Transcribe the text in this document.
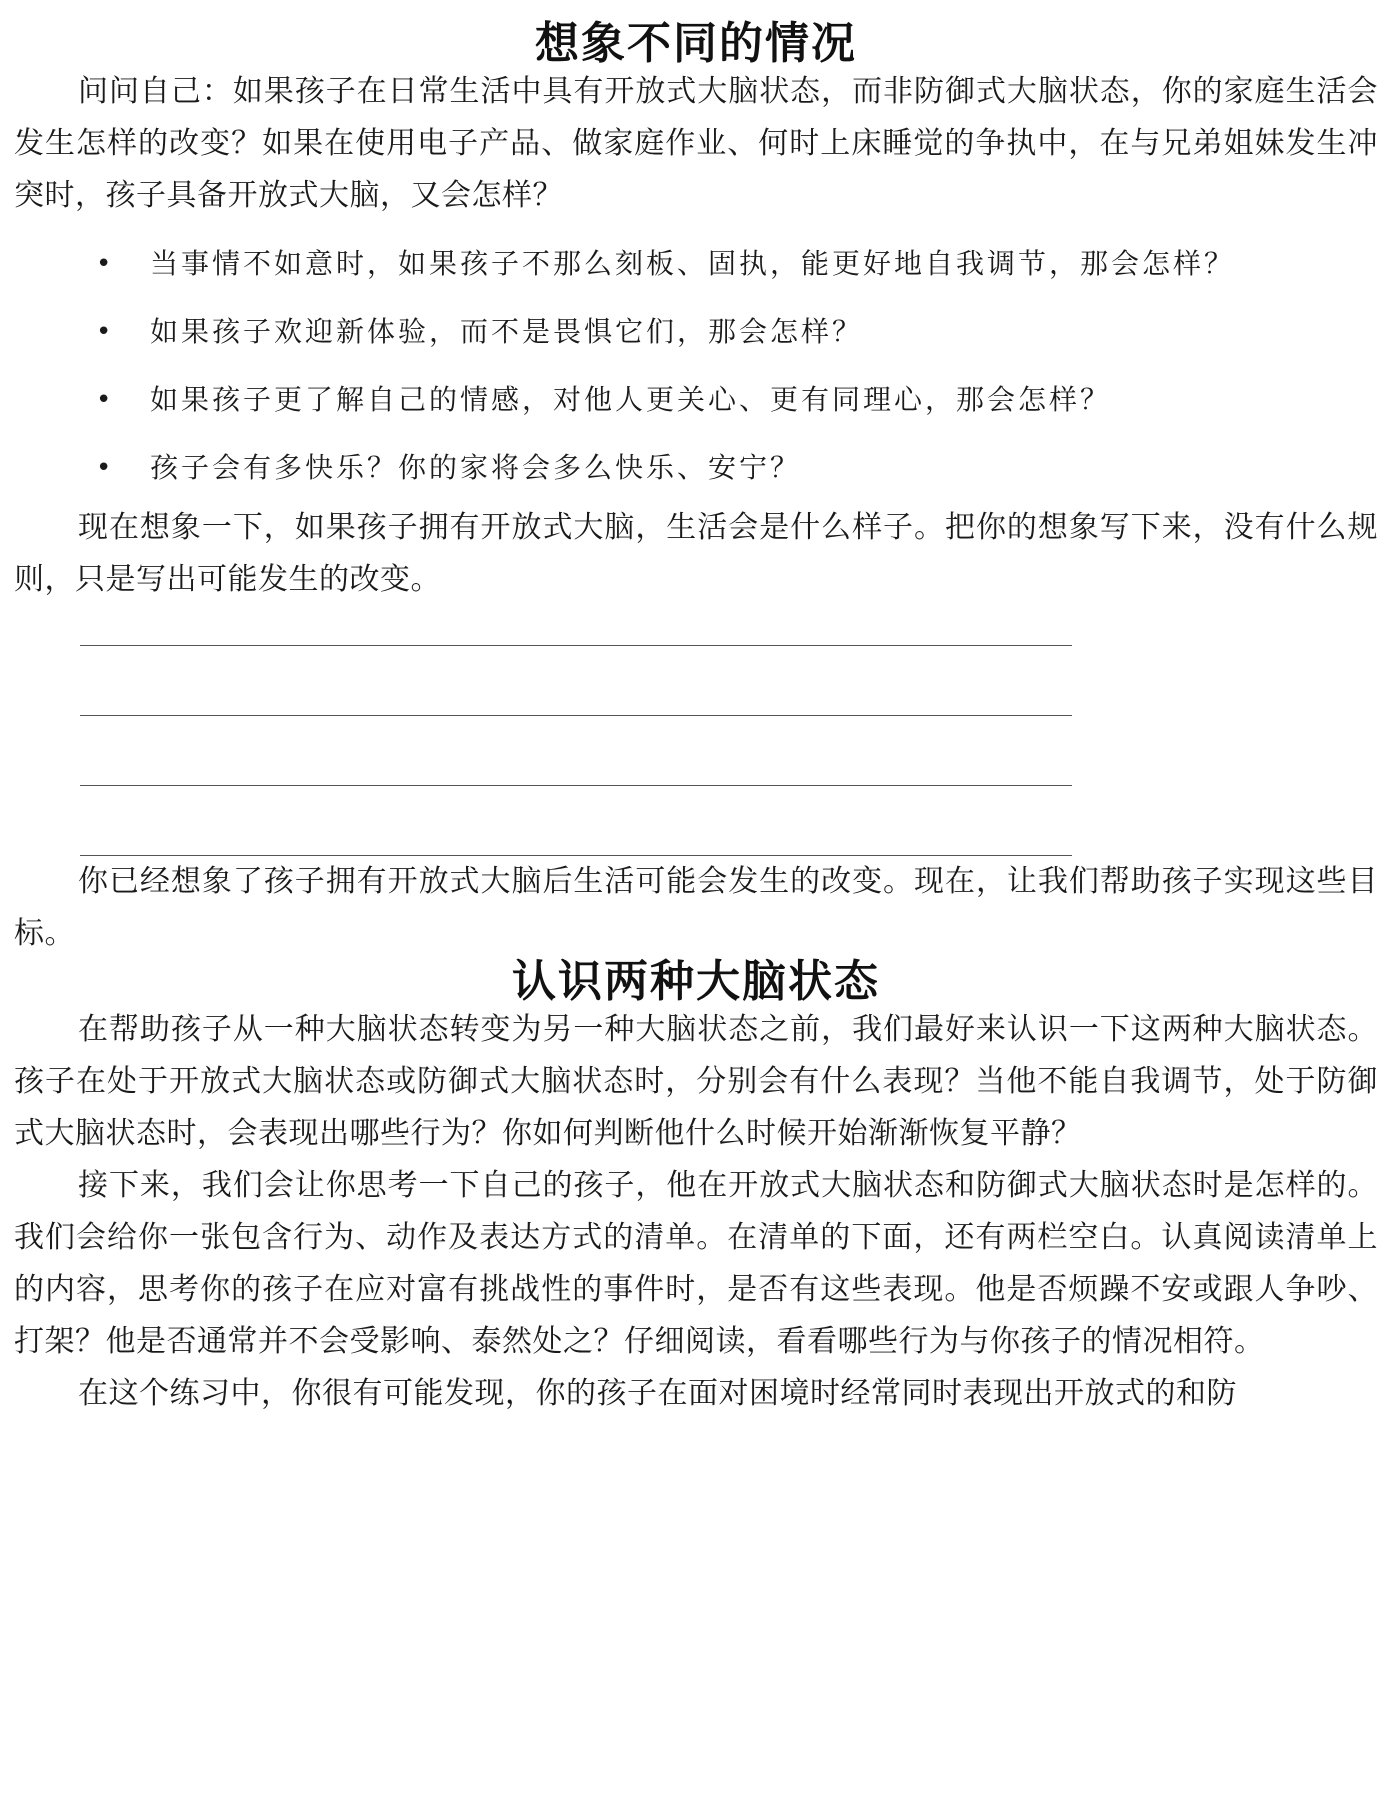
想象不同的情况

问问自己：如果孩子在日常生活中具有开放式大脑状态，而非防御式大脑状态，你的家庭生活会发生怎样的改变？如果在使用电子产品、做家庭作业、何时上床睡觉的争执中，在与兄弟姐妹发生冲突时，孩子具备开放式大脑，又会怎样？

• 当事情不如意时，如果孩子不那么刻板、固执，能更好地自我调节，那会怎样？
• 如果孩子欢迎新体验，而不是畏惧它们，那会怎样？
• 如果孩子更了解自己的情感，对他人更关心、更有同理心，那会怎样？
• 孩子会有多快乐？你的家将会多么快乐、安宁？

现在想象一下，如果孩子拥有开放式大脑，生活会是什么样子。把你的想象写下来，没有什么规则，只是写出可能发生的改变。

你已经想象了孩子拥有开放式大脑后生活可能会发生的改变。现在，让我们帮助孩子实现这些目标。

认识两种大脑状态

在帮助孩子从一种大脑状态转变为另一种大脑状态之前，我们最好来认识一下这两种大脑状态。孩子在处于开放式大脑状态或防御式大脑状态时，分别会有什么表现？当他不能自我调节，处于防御式大脑状态时，会表现出哪些行为？你如何判断他什么时候开始渐渐恢复平静？

接下来，我们会让你思考一下自己的孩子，他在开放式大脑状态和防御式大脑状态时是怎样的。我们会给你一张包含行为、动作及表达方式的清单。在清单的下面，还有两栏空白。认真阅读清单上的内容，思考你的孩子在应对富有挑战性的事件时，是否有这些表现。他是否烦躁不安或跟人争吵、打架？他是否通常并不会受影响、泰然处之？仔细阅读，看看哪些行为与你孩子的情况相符。

在这个练习中，你很有可能发现，你的孩子在面对困境时经常同时表现出开放式的和防
